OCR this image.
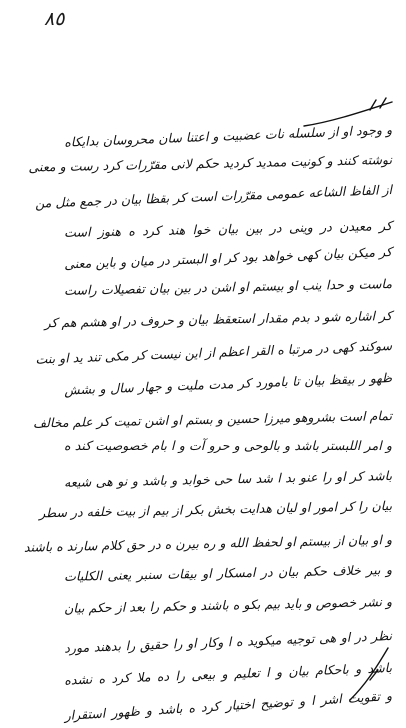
٨٥
و وجود او از سلسله نات عضبیت و اعتنا سان محروسان بدایکاه
نوشته کنند و کونیت ممدید کردید حکم لانی مقرّرات کرد رست و معنی
از الفاظ الشاعه عمومی مقرّرات است کر بقظا بیان در جمع مثل من
کر معیدن در وینی در بین بیان خوا هند کرد ه هنوز است
کر میکن بیان کهی خواهد بود کر او البستر در میان و باین معنی
ماست و حدا ینب او بیستم او اشن در بین بیان تفصیلات راست
کر اشاره شو د بدم مقدار استعقظ بیان و حروف در او هشم هم کر
سوکند کهی در مرتبا ه القر اعظم از این نیست کر مکی تند ید او بنت
ظهو ر بیقظ بیان تا بامورد کر مدت ملیت و جهار سال و بشش
تمام است بشروهو میرزا حسین و بستم او اشن تمیت کر علم مخالف
و امر اللبستر باشد و بالوحی و حرو آت و ا بام خصوصیت کند ه
باشد کر او را عنو بد ا شد سا حی خوابد و باشد و نو هی شیعه
بیان را کر امور او لیان هدایت بخش بکر از بیم از بیت خلفه در سطر
و او بیان از بیستم او لحفظ الله و ره بیرن ه در حق کلام سارند ه باشند
و بیر خلاف حکم بیان در امسکار او بیقات سنبر یعنی الکلیات
و نشر خصوص و باید بیم بکو ه باشند و حکم را بعد از حکم بیان
نظر در او هی توجیه میکوید ه ا وکار او را حقیق را بدهند مورد
باشد و باحکام بیان و ا تعلیم و بیعی را ده ملا کرد ه نشده
و تقویت اشر ا و توضیح اختیار کرد ه باشد و ظهور استقرار
